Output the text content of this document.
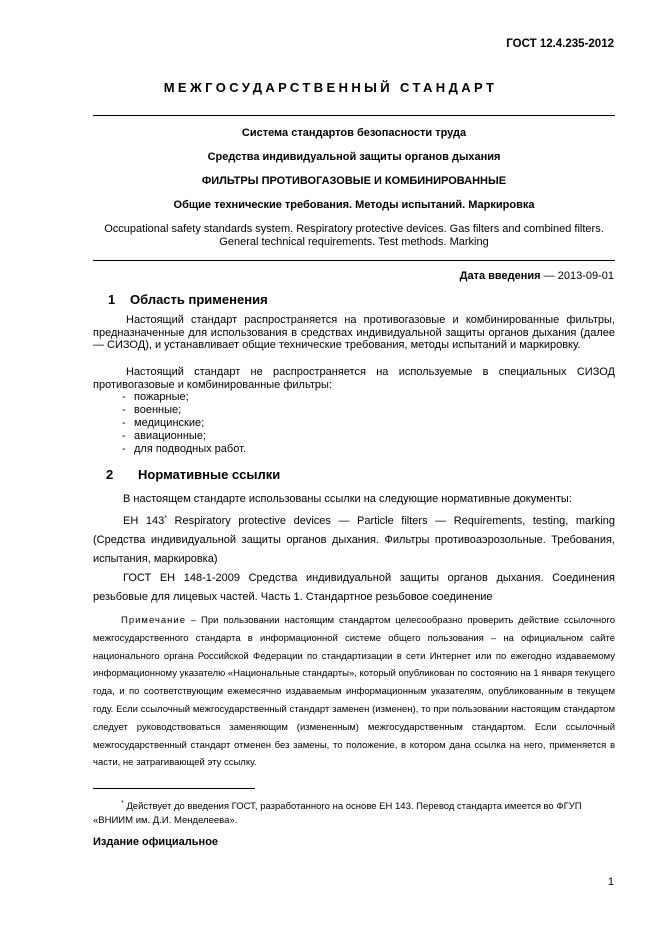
ГОСТ 12.4.235-2012
МЕЖГОСУДАРСТВЕННЫЙ СТАНДАРТ
Система стандартов безопасности труда
Средства индивидуальной защиты органов дыхания
ФИЛЬТРЫ ПРОТИВОГАЗОВЫЕ И КОМБИНИРОВАННЫЕ
Общие технические требования. Методы испытаний. Маркировка
Occupational safety standards system. Respiratory protective devices. Gas filters and combined filters.
General technical requirements. Test methods. Marking
Дата введения — 2013-09-01
1 Область применения
Настоящий стандарт распространяется на противогазовые и комбинированные фильтры, предназначенные для использования в средствах индивидуальной защиты органов дыхания (далее — СИЗОД), и устанавливает общие технические требования, методы испытаний и маркировку.
Настоящий стандарт не распространяется на используемые в специальных СИЗОД противогазовые и комбинированные фильтры:
- пожарные;
- военные;
- медицинские;
- авиационные;
- для подводных работ.
2 Нормативные ссылки
В настоящем стандарте использованы ссылки на следующие нормативные документы:
ЕН 143* Respiratory protective devices — Particle filters — Requirements, testing, marking (Средства индивидуальной защиты органов дыхания. Фильтры противоаэрозольные. Требования, испытания, маркировка)
ГОСТ ЕН 148-1-2009 Средства индивидуальной защиты органов дыхания. Соединения резьбовые для лицевых частей. Часть 1. Стандартное резьбовое соединение
Примечание – При пользовании настоящим стандартом целесообразно проверить действие ссылочного межгосударственного стандарта в информационной системе общего пользования – на официальном сайте национального органа Российской Федерации по стандартизации в сети Интернет или по ежегодно издаваемому информационному указателю «Национальные стандарты», который опубликован по состоянию на 1 января текущего года, и по соответствующим ежемесячно издаваемым информационным указателям, опубликованным в текущем году. Если ссылочный межгосударственный стандарт заменен (изменен), то при пользовании настоящим стандартом следует руководствоваться заменяющим (измененным) межгосударственным стандартом. Если ссылочный межгосударственный стандарт отменен без замены, то положение, в котором дана ссылка на него, применяется в части, не затрагивающей эту ссылку.
* Действует до введения ГОСТ, разработанного на основе ЕН 143. Перевод стандарта имеется во ФГУП «ВНИИМ им. Д.И. Менделеева».
Издание официальное
1
